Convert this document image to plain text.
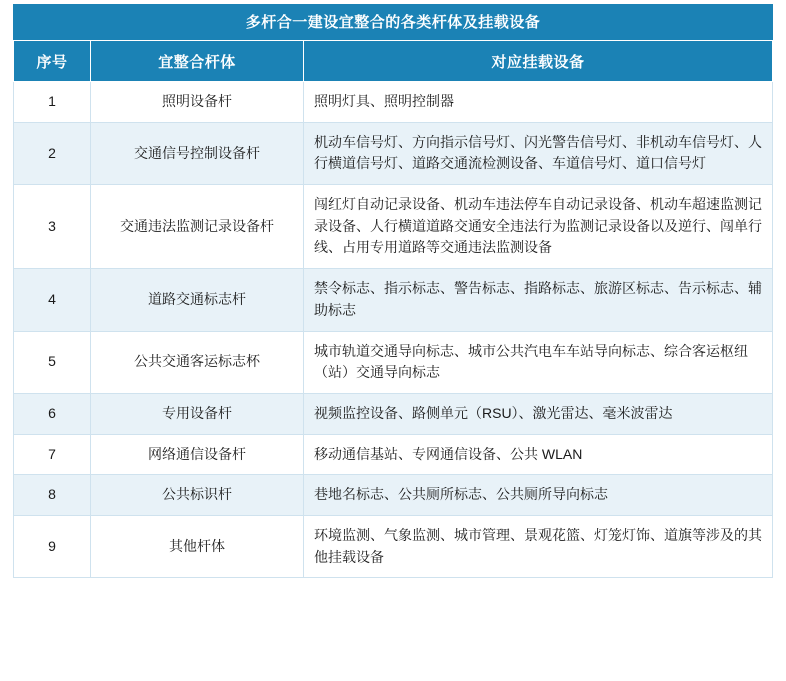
多杆合一建设宜整合的各类杆体及挂载设备
序号	宜整合杆体	对应挂载设备
1	照明设备杆	照明灯具、照明控制器
2	交通信号控制设备杆	机动车信号灯、方向指示信号灯、闪光警告信号灯、非机动车信号灯、人行横道信号灯、道路交通流检测设备、车道信号灯、道口信号灯
3	交通违法监测记录设备杆	闯红灯自动记录设备、机动车违法停车自动记录设备、机动车超速监测记录设备、人行横道道路交通安全违法行为监测记录设备以及逆行、闯单行线、占用专用道路等交通违法监测设备
4	道路交通标志杆	禁令标志、指示标志、警告标志、指路标志、旅游区标志、告示标志、辅助标志
5	公共交通客运标志杯	城市轨道交通导向标志、城市公共汽电车车站导向标志、综合客运枢纽（站）交通导向标志
6	专用设备杆	视频监控设备、路侧单元（RSU）、激光雷达、毫米波雷达
7	网络通信设备杆	移动通信基站、专网通信设备、公共 WLAN
8	公共标识杆	巷地名标志、公共厕所标志、公共厕所导向标志
9	其他杆体	环境监测、气象监测、城市管理、景观花篮、灯笼灯饰、道旗等涉及的其他挂载设备
